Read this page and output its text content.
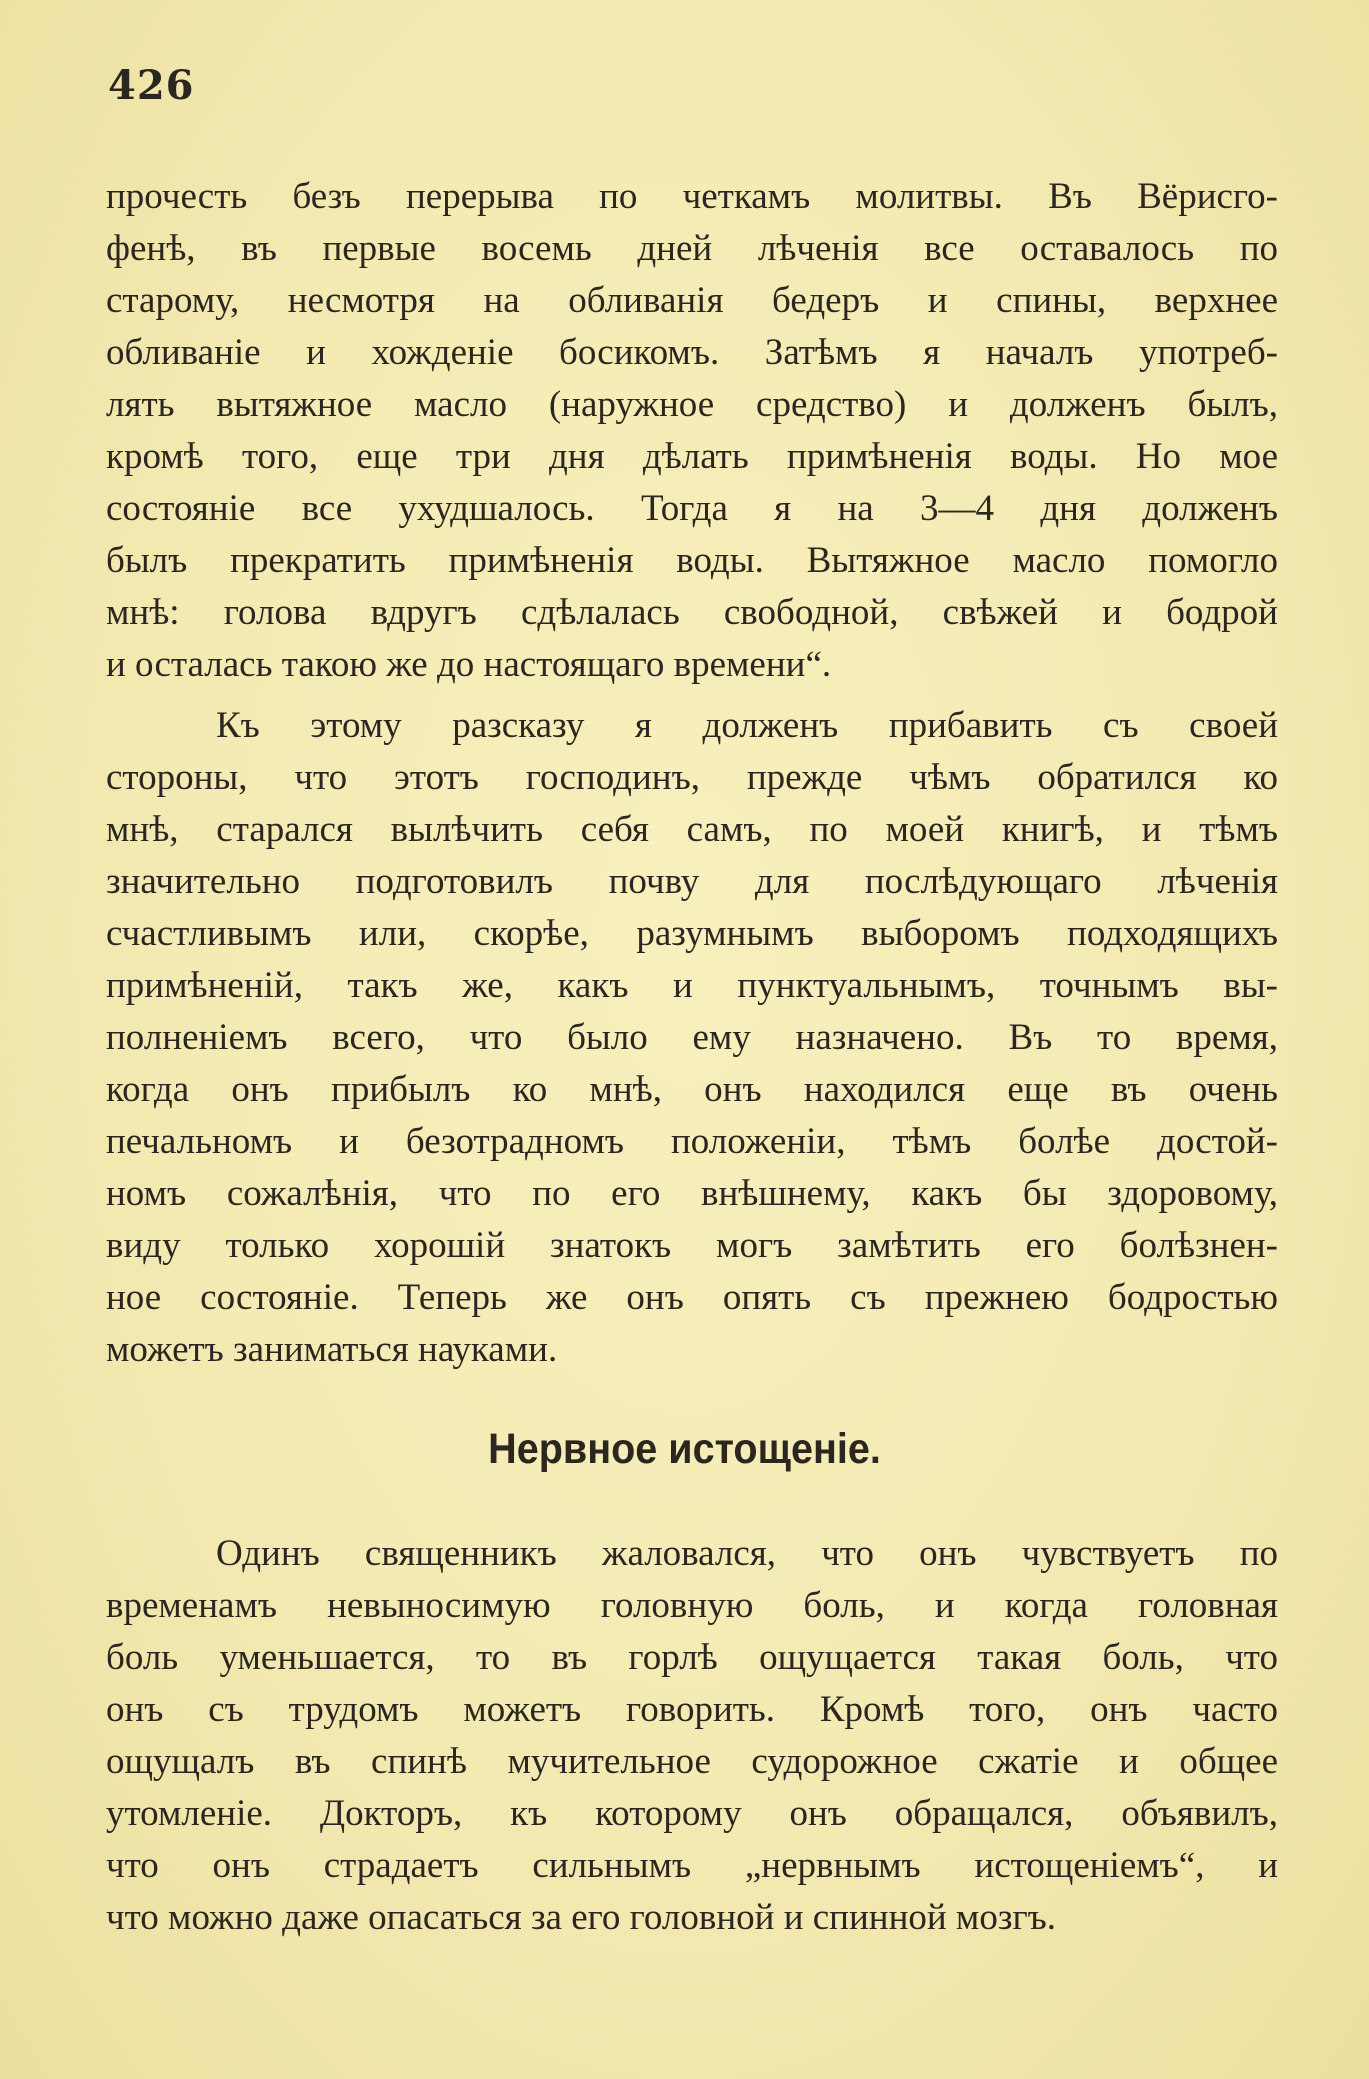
426
прочесть безъ перерыва по четкамъ молитвы. Въ Вёрисго-
фенѣ, въ первые восемь дней лѣченія все оставалось по
старому, несмотря на обливанія бедеръ и спины, верхнее
обливаніе и хожденіе босикомъ. Затѣмъ я началъ употреб-
лять вытяжное масло (наружное средство) и долженъ былъ,
кромѣ того, еще три дня дѣлать примѣненія воды. Но мое
состояніе все ухудшалось. Тогда я на 3—4 дня долженъ
былъ прекратить примѣненія воды. Вытяжное масло помогло
мнѣ: голова вдругъ сдѣлалась свободной, свѣжей и бодрой
и осталась такою же до настоящаго времени“.
Къ этому разсказу я долженъ прибавить съ своей
стороны, что этотъ господинъ, прежде чѣмъ обратился ко
мнѣ, старался вылѣчить себя самъ, по моей книгѣ, и тѣмъ
значительно подготовилъ почву для послѣдующаго лѣченія
счастливымъ или, скорѣе, разумнымъ выборомъ подходящихъ
примѣненій, такъ же, какъ и пунктуальнымъ, точнымъ вы-
полненіемъ всего, что было ему назначено. Въ то время,
когда онъ прибылъ ко мнѣ, онъ находился еще въ очень
печальномъ и безотрадномъ положеніи, тѣмъ болѣе достой-
номъ сожалѣнія, что по его внѣшнему, какъ бы здоровому,
виду только хорошій знатокъ могъ замѣтить его болѣзнен-
ное состояніе. Теперь же онъ опять съ прежнею бодростью
можетъ заниматься науками.
Нервное истощеніе.
Одинъ священникъ жаловался, что онъ чувствуетъ по
временамъ невыносимую головную боль, и когда головная
боль уменьшается, то въ горлѣ ощущается такая боль, что
онъ съ трудомъ можетъ говорить. Кромѣ того, онъ часто
ощущалъ въ спинѣ мучительное судорожное сжатіе и общее
утомленіе. Докторъ, къ которому онъ обращался, объявилъ,
что онъ страдаетъ сильнымъ „нервнымъ истощеніемъ“, и
что можно даже опасаться за его головной и спинной мозгъ.
